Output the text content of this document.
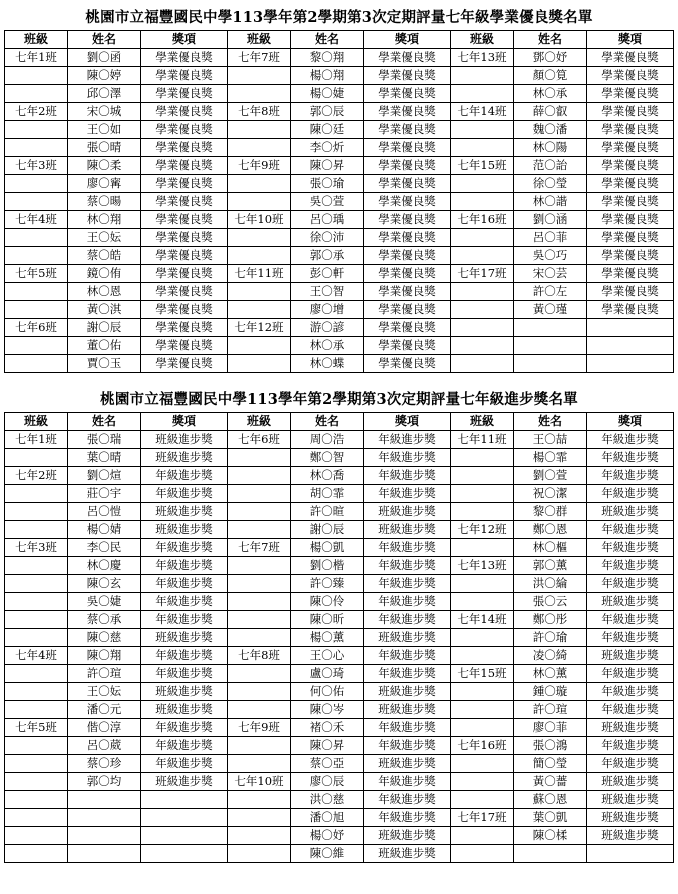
桃園市立福豐國民中學113學年第2學期第3次定期評量七年級學業優良獎名單
班級	姓名	獎項	班級	姓名	獎項	班級	姓名	獎項
七年1班	劉〇函	學業優良獎	七年7班	黎〇翔	學業優良獎	七年13班	鄧〇妤	學業優良獎
	陳〇婷	學業優良獎		楊〇翔	學業優良獎		顏〇筧	學業優良獎
	邱〇澤	學業優良獎		楊〇婕	學業優良獎		林〇承	學業優良獎
七年2班	宋〇城	學業優良獎	七年8班	郭〇辰	學業優良獎	七年14班	薛〇叡	學業優良獎
	王〇如	學業優良獎		陳〇廷	學業優良獎		魏〇潘	學業優良獎
	張〇晴	學業優良獎		李〇炘	學業優良獎		林〇陽	學業優良獎
七年3班	陳〇柔	學業優良獎	七年9班	陳〇昇	學業優良獎	七年15班	范〇詒	學業優良獎
	廖〇寗	學業優良獎		張〇瑜	學業優良獎		徐〇瑩	學業優良獎
	蔡〇暘	學業優良獎		吳〇萱	學業優良獎		林〇諧	學業優良獎
七年4班	林〇翔	學業優良獎	七年10班	呂〇瑀	學業優良獎	七年16班	劉〇涵	學業優良獎
	王〇妘	學業優良獎		徐〇沛	學業優良獎		呂〇菲	學業優良獎
	蔡〇皓	學業優良獎		郭〇承	學業優良獎		吳〇巧	學業優良獎
七年5班	鏡〇侑	學業優良獎	七年11班	彭〇軒	學業優良獎	七年17班	宋〇芸	學業優良獎
	林〇恩	學業優良獎		王〇智	學業優良獎		許〇左	學業優良獎
	黃〇淇	學業優良獎		廖〇增	學業優良獎		黃〇瑾	學業優良獎
七年6班	謝〇辰	學業優良獎	七年12班	游〇諺	學業優良獎			
	董〇佑	學業優良獎		林〇承	學業優良獎			
	賈〇玉	學業優良獎		林〇蝶	學業優良獎			
桃園市立福豐國民中學113學年第2學期第3次定期評量七年級進步獎名單
班級	姓名	獎項	班級	姓名	獎項	班級	姓名	獎項
七年1班	張〇瑞	班級進步獎	七年6班	周〇浩	年級進步獎	七年11班	王〇喆	年級進步獎
	葉〇晴	班級進步獎		鄭〇智	年級進步獎		楊〇霏	年級進步獎
七年2班	劉〇煊	年級進步獎		林〇喬	年級進步獎		劉〇萱	年級進步獎
	莊〇宇	年級進步獎		胡〇霏	年級進步獎		祝〇潔	年級進步獎
	呂〇愷	班級進步獎		許〇暄	班級進步獎		黎〇群	班級進步獎
	楊〇婧	班級進步獎		謝〇辰	班級進步獎	七年12班	鄭〇恩	年級進步獎
七年3班	李〇民	年級進步獎	七年7班	楊〇凱	年級進步獎		林〇樞	年級進步獎
	林〇慶	年級進步獎		劉〇楷	年級進步獎	七年13班	郭〇薰	年級進步獎
	陳〇玄	年級進步獎		許〇臻	年級進步獎		洪〇綸	年級進步獎
	吳〇婕	年級進步獎		陳〇伶	年級進步獎		張〇云	班級進步獎
	蔡〇承	年級進步獎		陳〇昕	年級進步獎	七年14班	鄭〇彤	年級進步獎
	陳〇慈	班級進步獎		楊〇薰	班級進步獎		許〇瑜	年級進步獎
七年4班	陳〇翔	年級進步獎	七年8班	王〇心	年級進步獎		凌〇綺	班級進步獎
	許〇瑄	年級進步獎		盧〇琦	年級進步獎	七年15班	林〇薰	年級進步獎
	王〇妘	班級進步獎		何〇佑	班級進步獎		鍾〇璇	年級進步獎
	潘〇元	班級進步獎		陳〇岑	班級進步獎		許〇瑄	年級進步獎
七年5班	偕〇淳	年級進步獎	七年9班	褚〇禾	年級進步獎		廖〇菲	班級進步獎
	呂〇葳	年級進步獎		陳〇昇	年級進步獎	七年16班	張〇鴻	年級進步獎
	蔡〇珍	年級進步獎		蔡〇亞	班級進步獎		簡〇瑩	年級進步獎
	郭〇均	班級進步獎	七年10班	廖〇辰	年級進步獎		黃〇薔	班級進步獎
				洪〇慈	年級進步獎		蘇〇恩	班級進步獎
				潘〇旭	年級進步獎	七年17班	葉〇凱	班級進步獎
				楊〇妤	班級進步獎		陳〇楺	班級進步獎
				陳〇維	班級進步獎			
